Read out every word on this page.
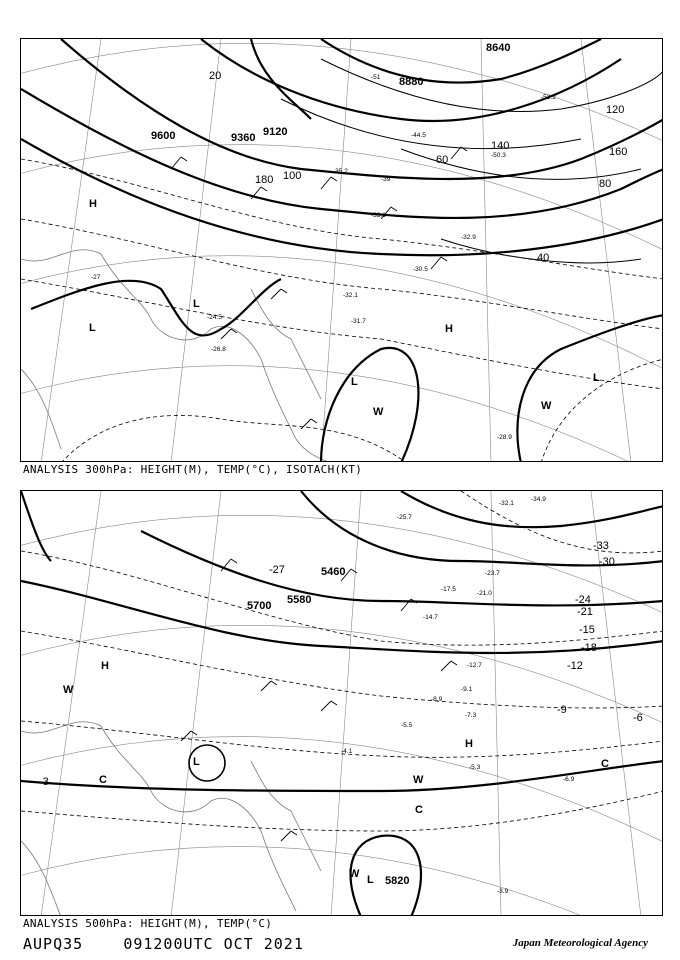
9600	9360 9120
8880
8640
20
40
60
80
100
120
140	160
180
H
H
L
L
L	L
W	W
-52.2
-51
-50.3
-44.5
-39
-35.2
-33.1
-32.9
-32.1
-31.7
-30.5
-28.9
-27
-26.8
-24.5
ANALYSIS 300hPa: HEIGHT(M), TEMP(°C), ISOTACH(KT)
5820
5700 5580
5460
-3
-6
-9
-12
-15
-18
-21
-24
-27
-30
-33
H
H
L
L
W
W
W
C
C
C
-32.1
-34.9
-25.7
-23.7
-21.0
-17.5
-14.7
-12.7
-9.1
-8.9
-7.3
-5.5
-5.3
-4.1
-3.9
-6.9
ANALYSIS 500hPa: HEIGHT(M), TEMP(°C)
AUPQ35	091200UTC OCT 2021	Japan Meteorological Agency
